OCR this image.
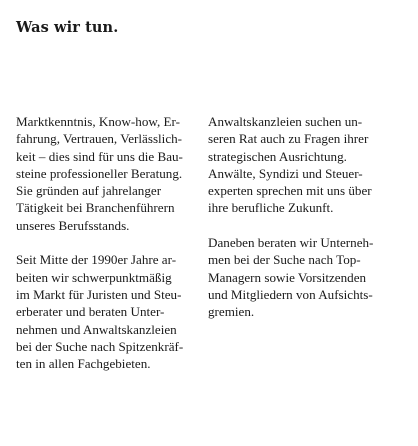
Was wir tun.

Marktkenntnis, Know-how, Er-
fahrung, Vertrauen, Verlässlich-
keit – dies sind für uns die Bau-
steine professioneller Beratung.
Sie gründen auf jahrelanger
Tätigkeit bei Branchenführern
unseres Berufsstands.

Seit Mitte der 1990er Jahre ar-
beiten wir schwerpunktmäßig
im Markt für Juristen und Steu-
erberater und beraten Unter-
nehmen und Anwaltskanzleien
bei der Suche nach Spitzenkräf-
ten in allen Fachgebieten.

Anwaltskanzleien suchen un-
seren Rat auch zu Fragen ihrer
strategischen Ausrichtung.
Anwälte, Syndizi und Steuer-
experten sprechen mit uns über
ihre berufliche Zukunft.

Daneben beraten wir Unterneh-
men bei der Suche nach Top-
Managern sowie Vorsitzenden
und Mitgliedern von Aufsichts-
gremien.
